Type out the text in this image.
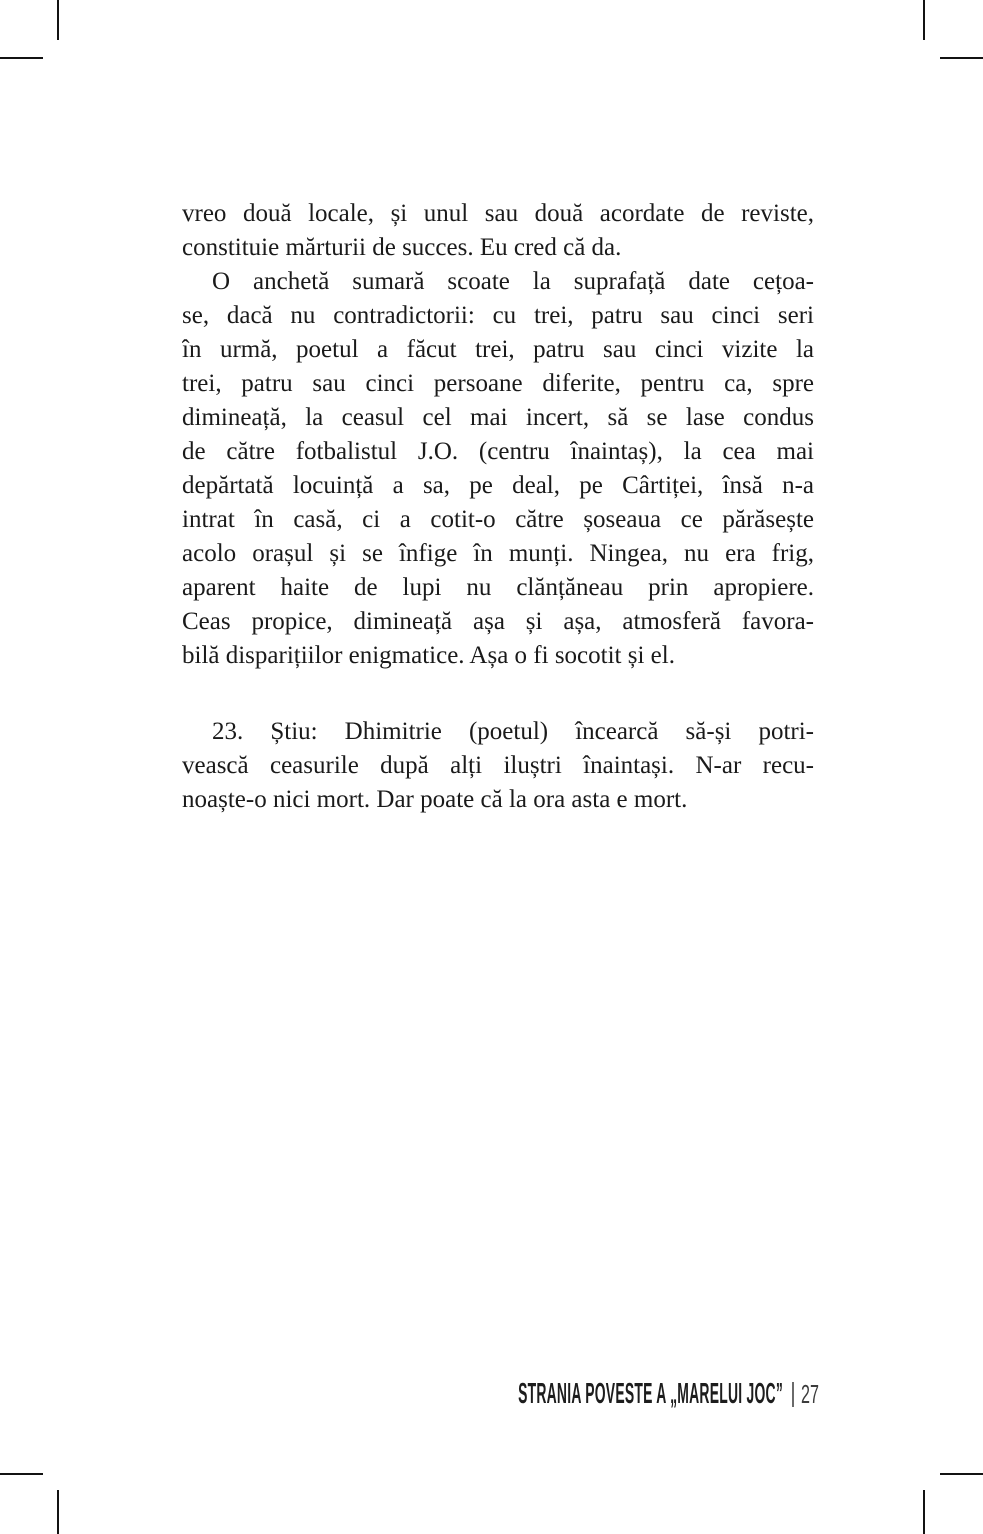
vreo două locale, și unul sau două acordate de reviste,
constituie mărturii de succes. Eu cred că da.
O anchetă sumară scoate la suprafață date cețoa-
se, dacă nu contradictorii: cu trei, patru sau cinci seri
în urmă, poetul a făcut trei, patru sau cinci vizite la
trei, patru sau cinci persoane diferite, pentru ca, spre
dimineață, la ceasul cel mai incert, să se lase condus
de către fotbalistul J.O. (centru înaintaș), la cea mai
depărtată locuință a sa, pe deal, pe Cârtiței, însă n-a
intrat în casă, ci a cotit-o către șoseaua ce părăsește
acolo orașul și se înfige în munți. Ningea, nu era frig,
aparent haite de lupi nu clănțăneau prin apropiere.
Ceas propice, dimineață așa și așa, atmosferă favora-
bilă disparițiilor enigmatice. Așa o fi socotit și el.
23. Știu: Dhimitrie (poetul) încearcă să-și potri-
vească ceasurile după alți iluștri înaintași. N-ar recu-
noaște-o nici mort. Dar poate că la ora asta e mort.
STRANIA POVESTE A „MARELUI JOC” 27
